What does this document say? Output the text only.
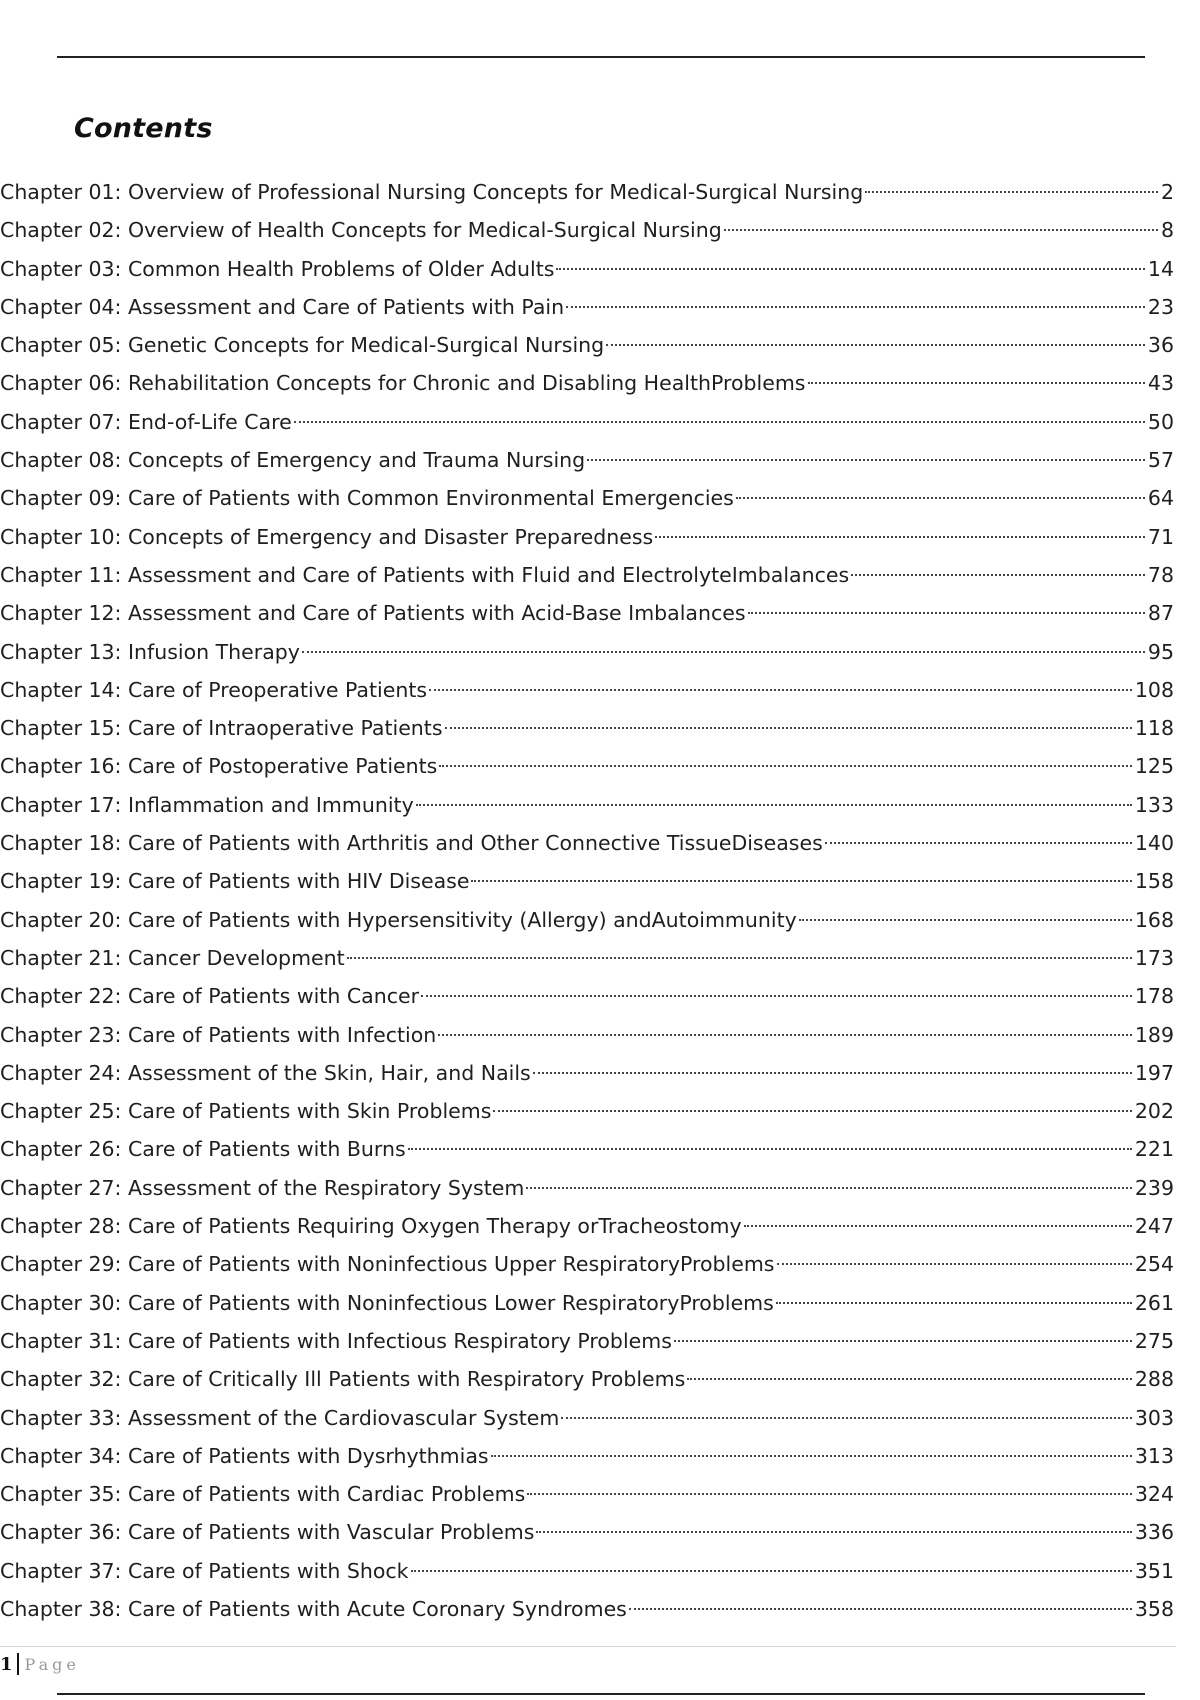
Contents
Chapter 01: Overview of Professional Nursing Concepts for Medical-Surgical Nursing	2
Chapter 02: Overview of Health Concepts for Medical-Surgical Nursing	8
Chapter 03: Common Health Problems of Older Adults	14
Chapter 04: Assessment and Care of Patients with Pain	23
Chapter 05: Genetic Concepts for Medical-Surgical Nursing	36
Chapter 06: Rehabilitation Concepts for Chronic and Disabling HealthProblems	43
Chapter 07: End-of-Life Care	50
Chapter 08: Concepts of Emergency and Trauma Nursing	57
Chapter 09: Care of Patients with Common Environmental Emergencies	64
Chapter 10: Concepts of Emergency and Disaster Preparedness	71
Chapter 11: Assessment and Care of Patients with Fluid and ElectrolyteImbalances	78
Chapter 12: Assessment and Care of Patients with Acid-Base Imbalances	87
Chapter 13: Infusion Therapy	95
Chapter 14: Care of Preoperative Patients	108
Chapter 15: Care of Intraoperative Patients	118
Chapter 16: Care of Postoperative Patients	125
Chapter 17: Inflammation and Immunity	133
Chapter 18: Care of Patients with Arthritis and Other Connective TissueDiseases	140
Chapter 19: Care of Patients with HIV Disease	158
Chapter 20: Care of Patients with Hypersensitivity (Allergy) andAutoimmunity	168
Chapter 21: Cancer Development	173
Chapter 22: Care of Patients with Cancer	178
Chapter 23: Care of Patients with Infection	189
Chapter 24: Assessment of the Skin, Hair, and Nails	197
Chapter 25: Care of Patients with Skin Problems	202
Chapter 26: Care of Patients with Burns	221
Chapter 27: Assessment of the Respiratory System	239
Chapter 28: Care of Patients Requiring Oxygen Therapy orTracheostomy	247
Chapter 29: Care of Patients with Noninfectious Upper RespiratoryProblems	254
Chapter 30: Care of Patients with Noninfectious Lower RespiratoryProblems	261
Chapter 31: Care of Patients with Infectious Respiratory Problems	275
Chapter 32: Care of Critically Ill Patients with Respiratory Problems	288
Chapter 33: Assessment of the Cardiovascular System	303
Chapter 34: Care of Patients with Dysrhythmias	313
Chapter 35: Care of Patients with Cardiac Problems	324
Chapter 36: Care of Patients with Vascular Problems	336
Chapter 37: Care of Patients with Shock	351
Chapter 38: Care of Patients with Acute Coronary Syndromes	358
1 Page
